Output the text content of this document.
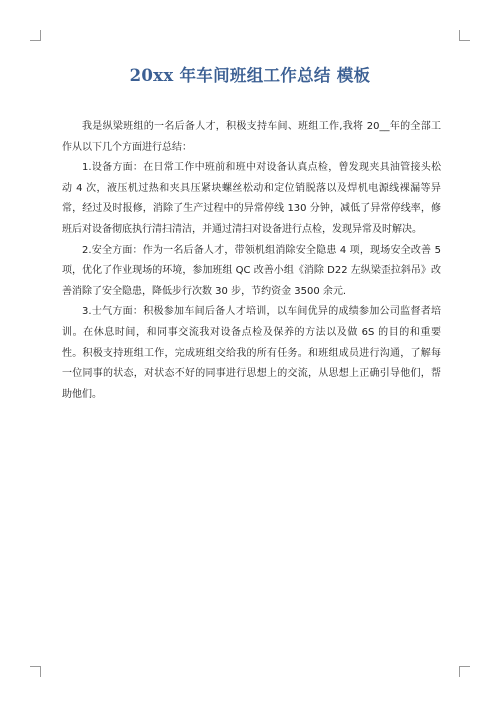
20xx 年车间班组工作总结 模板

我是纵梁班组的一名后备人才，积极支持车间、班组工作,我将 20__年的全部工作从以下几个方面进行总结：

1.设备方面：在日常工作中班前和班中对设备认真点检，曾发现夹具油管接头松动 4 次，液压机过热和夹具压紧块螺丝松动和定位销脱落以及焊机电源线裸漏等异常，经过及时报修，消除了生产过程中的异常停线 130 分钟，减低了异常停线率，修班后对设备彻底执行清扫清洁，并通过清扫对设备进行点检，发现异常及时解决。

2.安全方面：作为一名后备人才，带领机组消除安全隐患 4 项，现场安全改善 5 项，优化了作业现场的环境，参加班组 QC 改善小组《消除 D22 左纵梁歪拉斜吊》改善消除了安全隐患，降低步行次数 30 步，节约资金 3500 余元.

3.士气方面：积极参加车间后备人才培训，以车间优异的成绩参加公司监督者培训。在休息时间，和同事交流我对设备点检及保养的方法以及做 6S 的目的和重要性。积极支持班组工作，完成班组交给我的所有任务。和班组成员进行沟通，了解每一位同事的状态，对状态不好的同事进行思想上的交流，从思想上正确引导他们，帮助他们。
